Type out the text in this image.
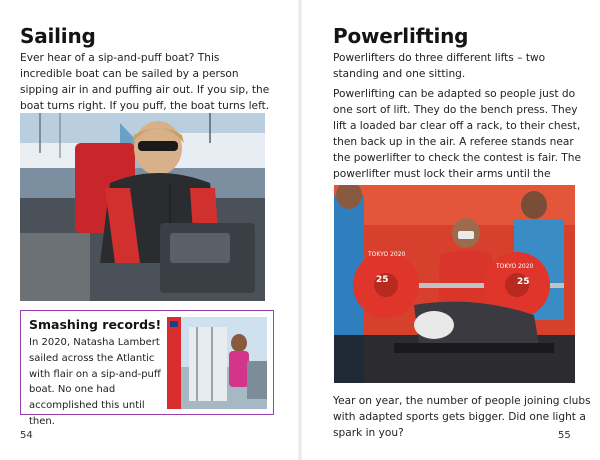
Sailing

Ever hear of a sip-and-puff boat? This incredible boat can be sailed by a person sipping air in and puffing air out. If you sip, the boat turns right. If you puff, the boat turns left.

Smashing records!

In 2020, Natasha Lambert sailed across the Atlantic with flair on a sip-and-puff boat. No one had accomplished this until then.

54
Powerlifting

Powerlifters do three different lifts – two standing and one sitting.

Powerlifting can be adapted so people just do one sort of lift. They do the bench press. They lift a loaded bar clear off a rack, to their chest, then back up in the air. A referee stands near the powerlifter to check the contest is fair. The powerlifter must lock their arms until the

TOKYO 2020
25
TOKYO 2020
25

Year on year, the number of people joining clubs with adapted sports gets bigger. Did one light a spark in you?	55
